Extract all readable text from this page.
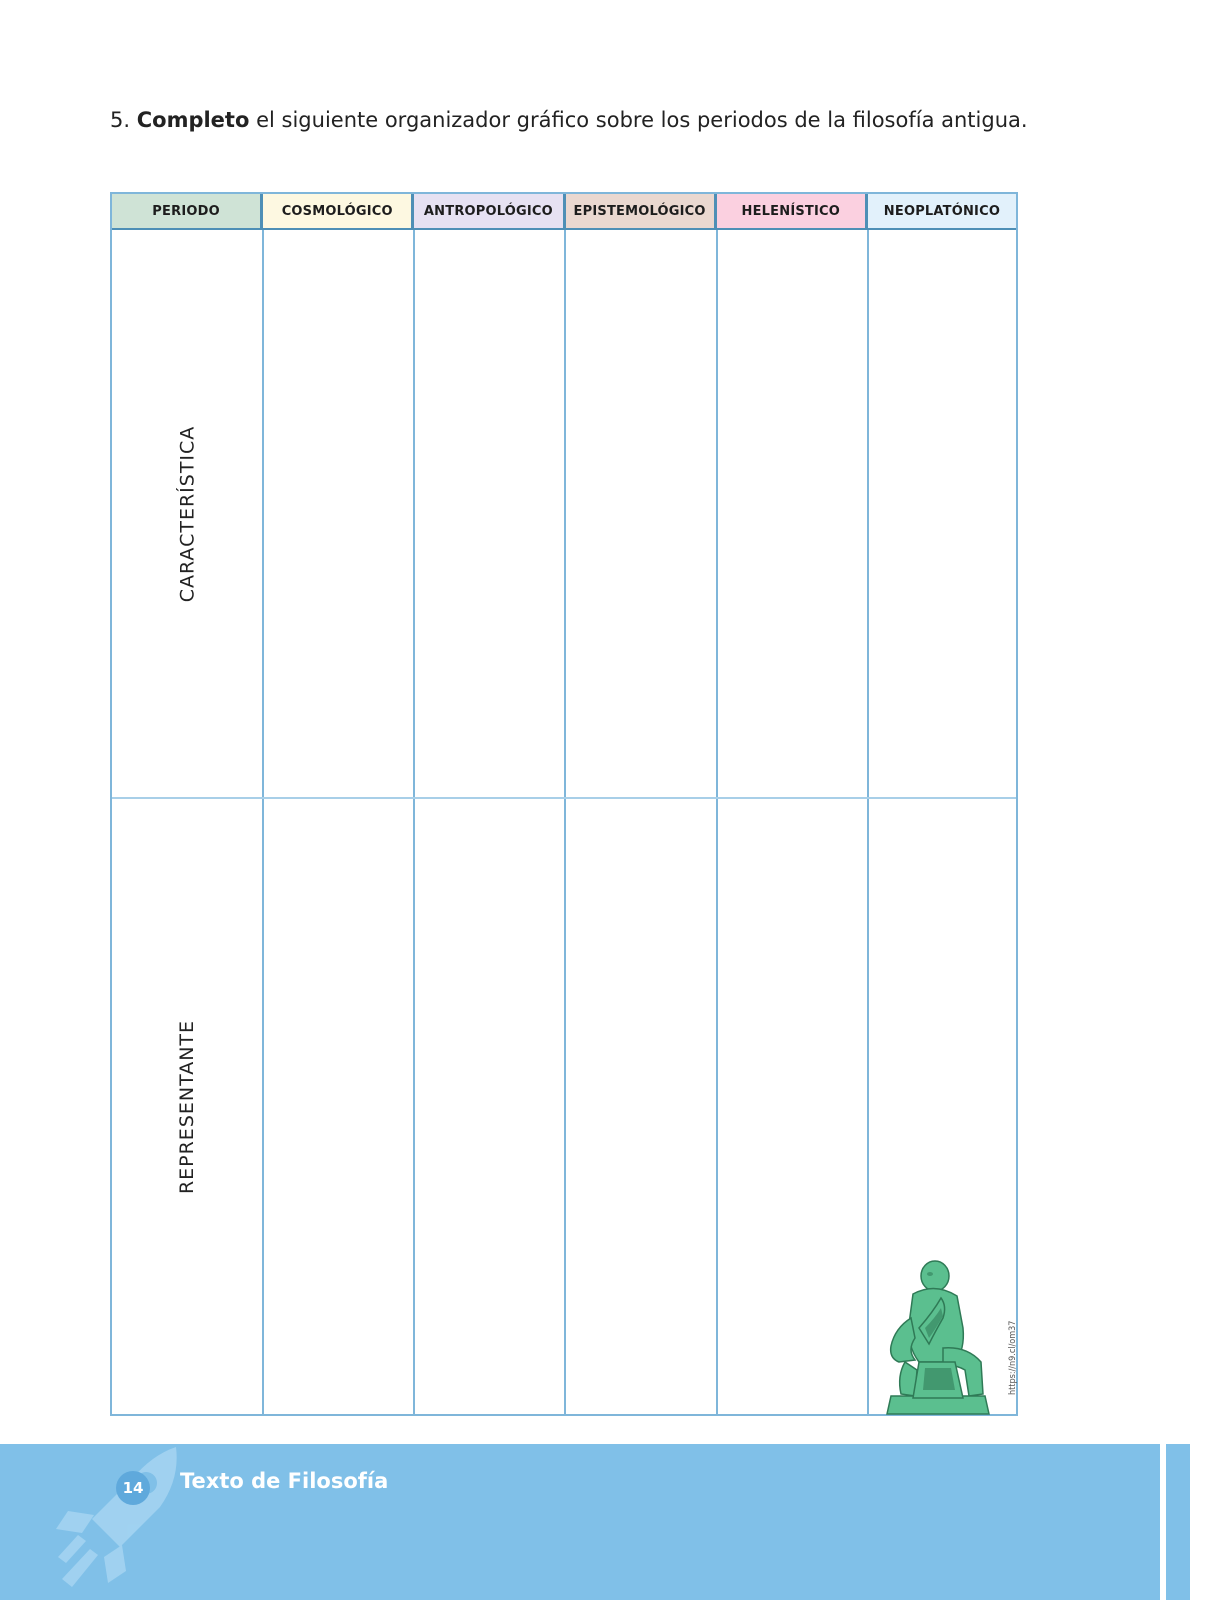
5. Completo el siguiente organizador gráfico sobre los periodos de la filosofía antigua.
PERIODO	COSMOLÓGICO	ANTROPOLÓGICO	EPISTEMOLÓGICO	HELENÍSTICO	NEOPLATÓNICO
CARACTERÍSTICA
REPRESENTANTE
https://n9.cl/om37
14	Texto de Filosofía
